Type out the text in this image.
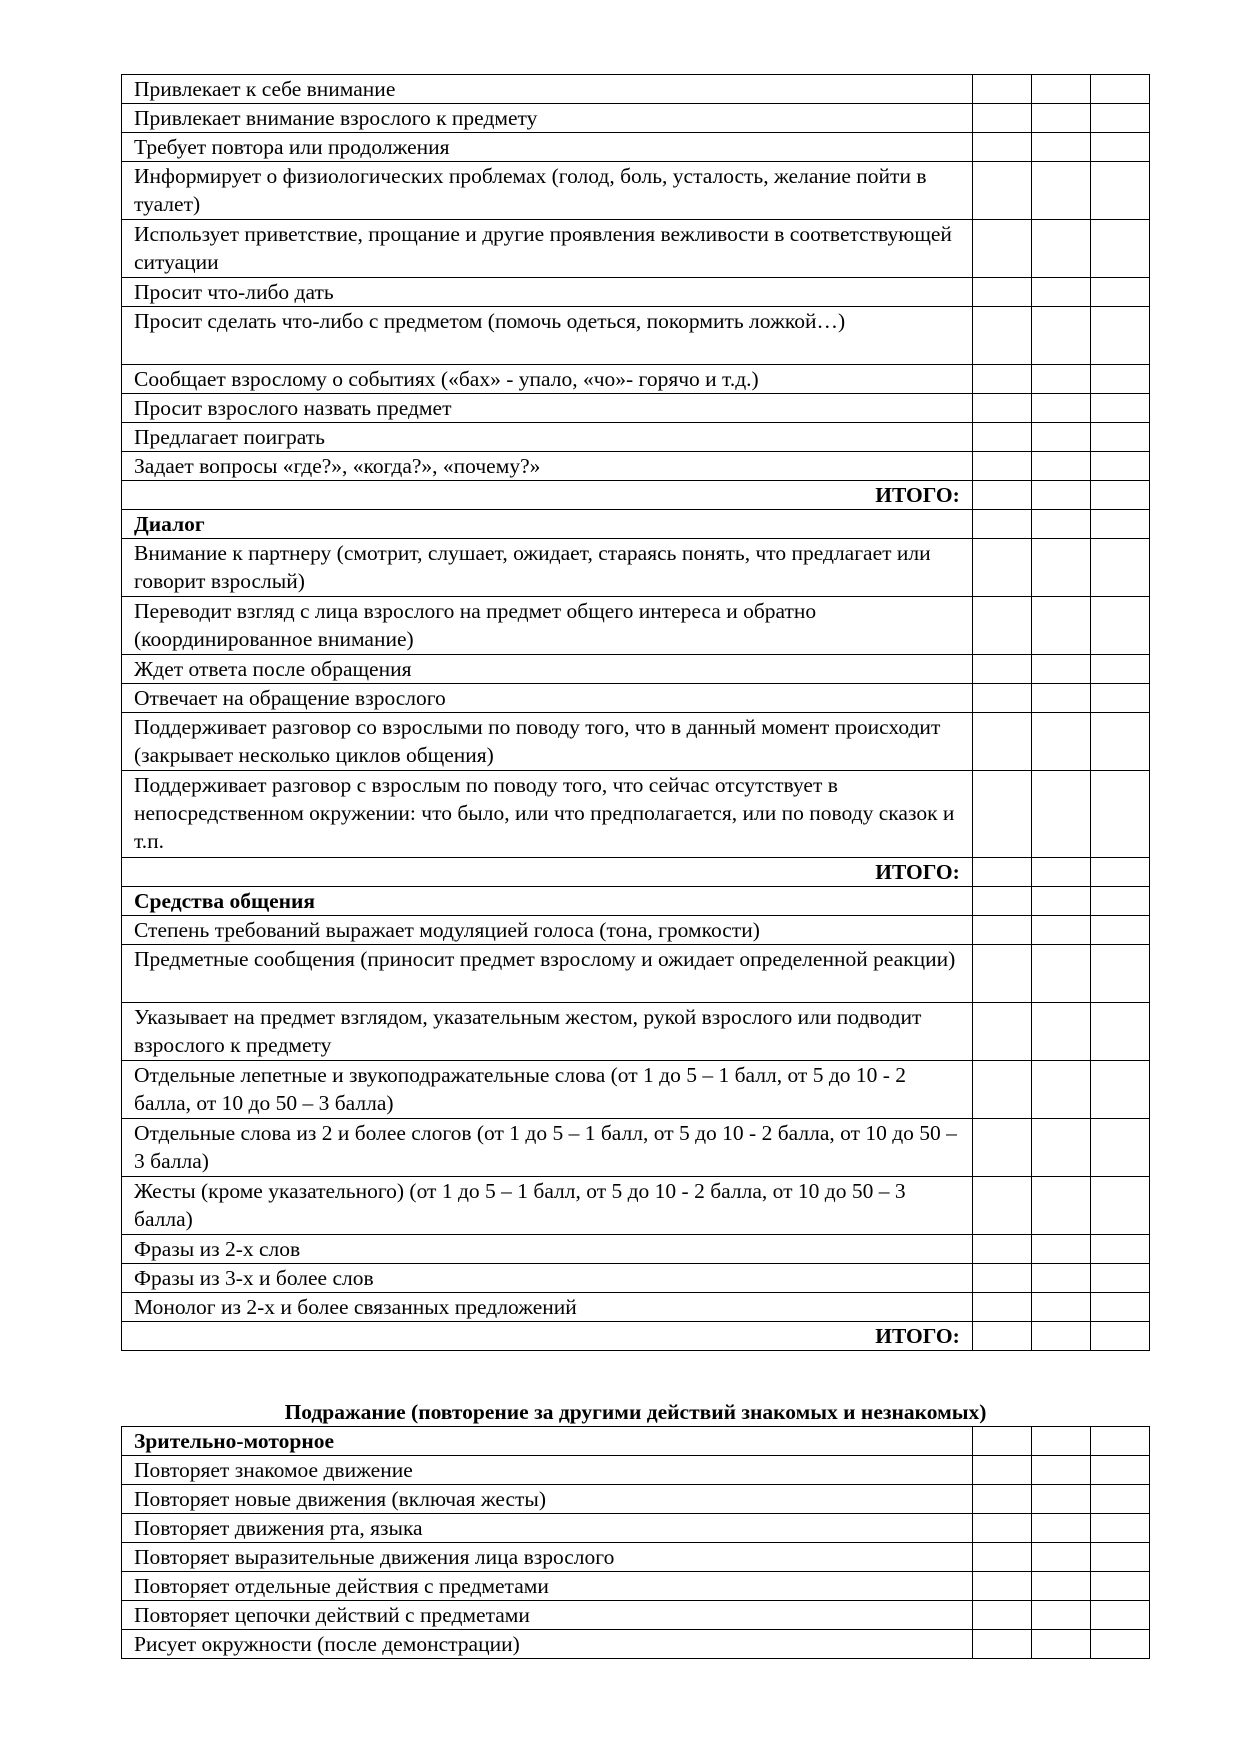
Привлекает к себе внимание			
Привлекает внимание взрослого к предмету			
Требует повтора или продолжения			
Информирует о физиологических проблемах (голод, боль, усталость, желание пойти в туалет)			
Использует приветствие, прощание и другие проявления вежливости в соответствующей ситуации			
Просит что-либо дать			
Просит сделать что-либо с предметом (помочь одеться, покормить ложкой…)			
Сообщает взрослому о событиях («бах» - упало, «чо»- горячо и т.д.)			
Просит взрослого назвать предмет			
Предлагает поиграть			
Задает вопросы «где?», «когда?», «почему?»			
ИТОГО:			
Диалог			
Внимание к партнеру (смотрит, слушает, ожидает, стараясь понять, что предлагает или говорит взрослый)			
Переводит взгляд с лица взрослого на предмет общего интереса и обратно (координированное внимание)			
Ждет ответа после обращения			
Отвечает на обращение взрослого			
Поддерживает разговор со взрослыми по поводу того, что в данный момент происходит (закрывает несколько циклов общения)			
Поддерживает разговор с взрослым по поводу того, что сейчас отсутствует в непосредственном окружении: что было, или что предполагается, или по поводу сказок и т.п.			
ИТОГО:			
Средства общения			
Степень требований выражает модуляцией голоса (тона, громкости)			
Предметные сообщения (приносит предмет взрослому и ожидает определенной реакции)			
Указывает на предмет взглядом, указательным жестом, рукой взрослого или подводит взрослого к предмету			
Отдельные лепетные и звукоподражательные слова (от 1 до 5 – 1 балл, от 5 до 10 - 2 балла, от 10 до 50 – 3 балла)			
Отдельные слова из 2 и более слогов (от 1 до 5 – 1 балл, от 5 до 10 - 2 балла, от 10 до 50 – 3 балла)			
Жесты (кроме указательного) (от 1 до 5 – 1 балл, от 5 до 10 - 2 балла, от 10 до 50 – 3 балла)			
Фразы из 2-х слов			
Фразы из 3-х и более слов			
Монолог из 2-х и более связанных предложений			
ИТОГО:			
Подражание (повторение за другими действий знакомых и незнакомых)
Зрительно-моторное			
Повторяет знакомое движение			
Повторяет новые движения (включая жесты)			
Повторяет движения рта, языка			
Повторяет выразительные движения лица взрослого			
Повторяет отдельные действия с предметами			
Повторяет цепочки действий с предметами			
Рисует окружности (после демонстрации)			
